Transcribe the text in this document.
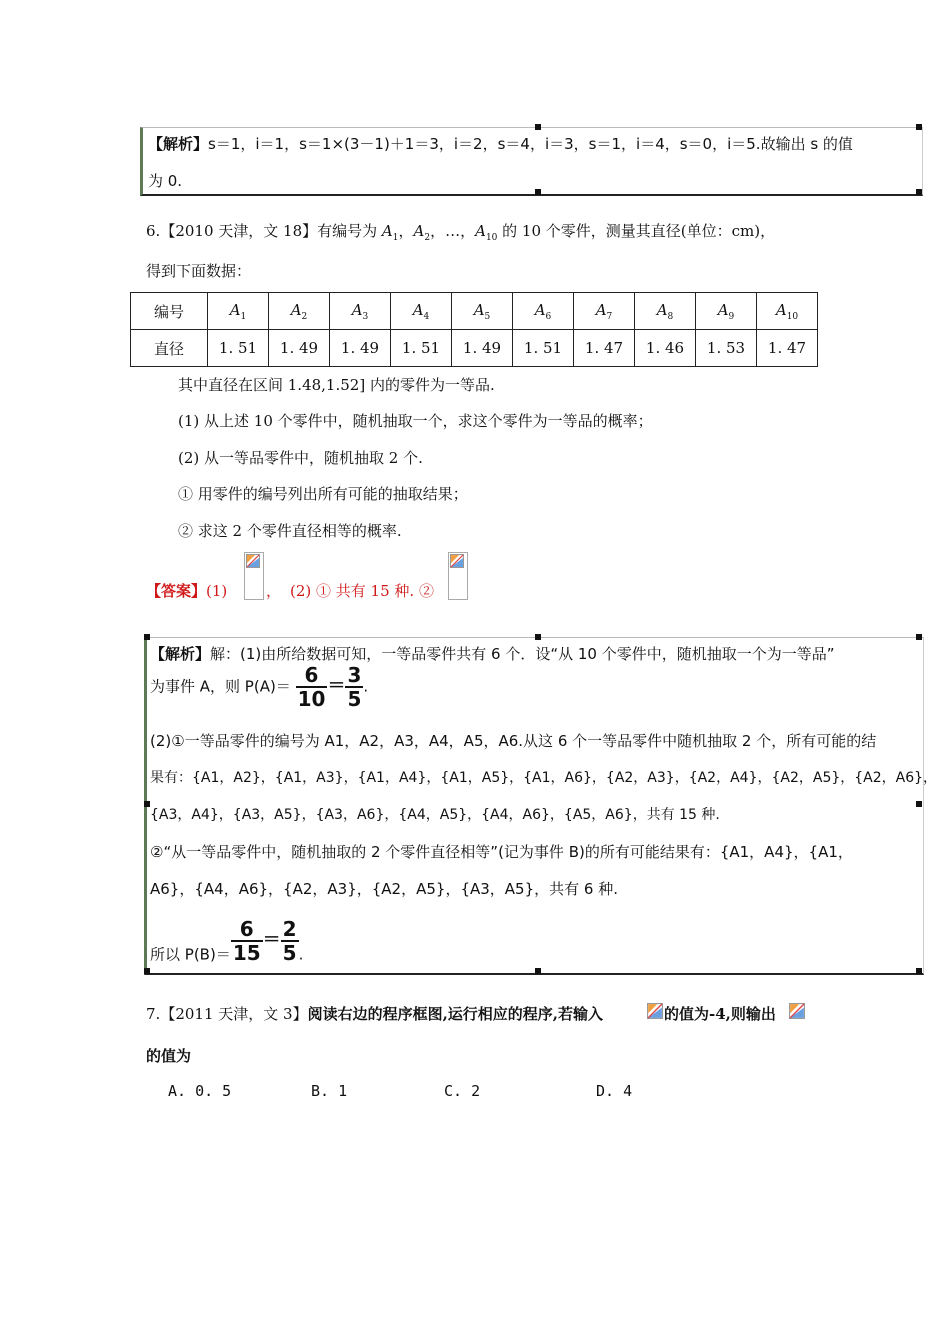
【解析】s＝1，i＝1，s＝1×(3－1)＋1＝3，i＝2，s＝4，i＝3，s＝1，i＝4，s＝0，i＝5.故输出 s 的值
为 0.
6.【2010 天津，文 18】有编号为 $A_1$，$A_2$，…，$A_{10}$ 的 10 个零件，测量其直径(单位：cm)，
得到下面数据：
编号	$A_1$	$A_2$	$A_3$	$A_4$	$A_5$	$A_6$	$A_7$	$A_8$	$A_9$	$A_{10}$
直径	1. 51	1. 49	1. 49	1. 51	1. 49	1. 51	1. 47	1. 46	1. 53	1. 47
其中直径在区间 1.48,1.52] 内的零件为一等品.
(1) 从上述 10 个零件中，随机抽取一个，求这个零件为一等品的概率；
(2) 从一等品零件中，随机抽取 2 个.
① 用零件的编号列出所有可能的抽取结果；
② 求这 2 个零件直径相等的概率.
【答案】(1)	， (2) ① 共有 15 种. ②
【解析】解：(1)由所给数据可知，一等品零件共有 6 个．设“从 10 个零件中，随机抽取一个为一等品”
为事件 A，则 $P(A)= \frac{6}{10} = \frac{3}{5}$ .
(2)①一等品零件的编号为 A1，A2，A3，A4，A5，A6.从这 6 个一等品零件中随机抽取 2 个，所有可能的结
果有：{A1，A2}，{A1，A3}，{A1，A4}，{A1，A5}，{A1，A6}，{A2，A3}，{A2，A4}，{A2，A5}，{A2，A6}，
{A3，A4}，{A3，A5}，{A3，A6}，{A4，A5}，{A4，A6}，{A5，A6}，共有 15 种.
②“从一等品零件中，随机抽取的 2 个零件直径相等”(记为事件 B)的所有可能结果有：{A1，A4}，{A1，
A6}，{A4，A6}，{A2，A3}，{A2，A5}，{A3，A5}，共有 6 种.
所以 $P(B)= \frac{6}{15} = \frac{2}{5}$ .
7.【2011 天津，文 3】阅读右边的程序框图,运行相应的程序,若输入	的值为-4,则输出
的值为
A. 0. 5	B. 1	C. 2	D. 4
